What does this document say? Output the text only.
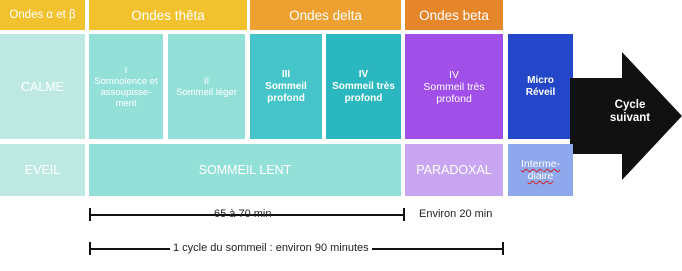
Ondes α et β	Ondes thêta	Ondes delta	Ondes beta
CALME
I
Somnolence et assoupisse-ment
II
Sommeil léger
III
Sommeil profond
IV
Sommeil très profond
IV
Sommeil très profond
Micro Réveil
Cycle suivant
EVEIL	SOMMEIL LENT	PARADOXAL	Interme-diaire
65 à 70 min	Environ 20 min
1 cycle du sommeil : environ 90 minutes
